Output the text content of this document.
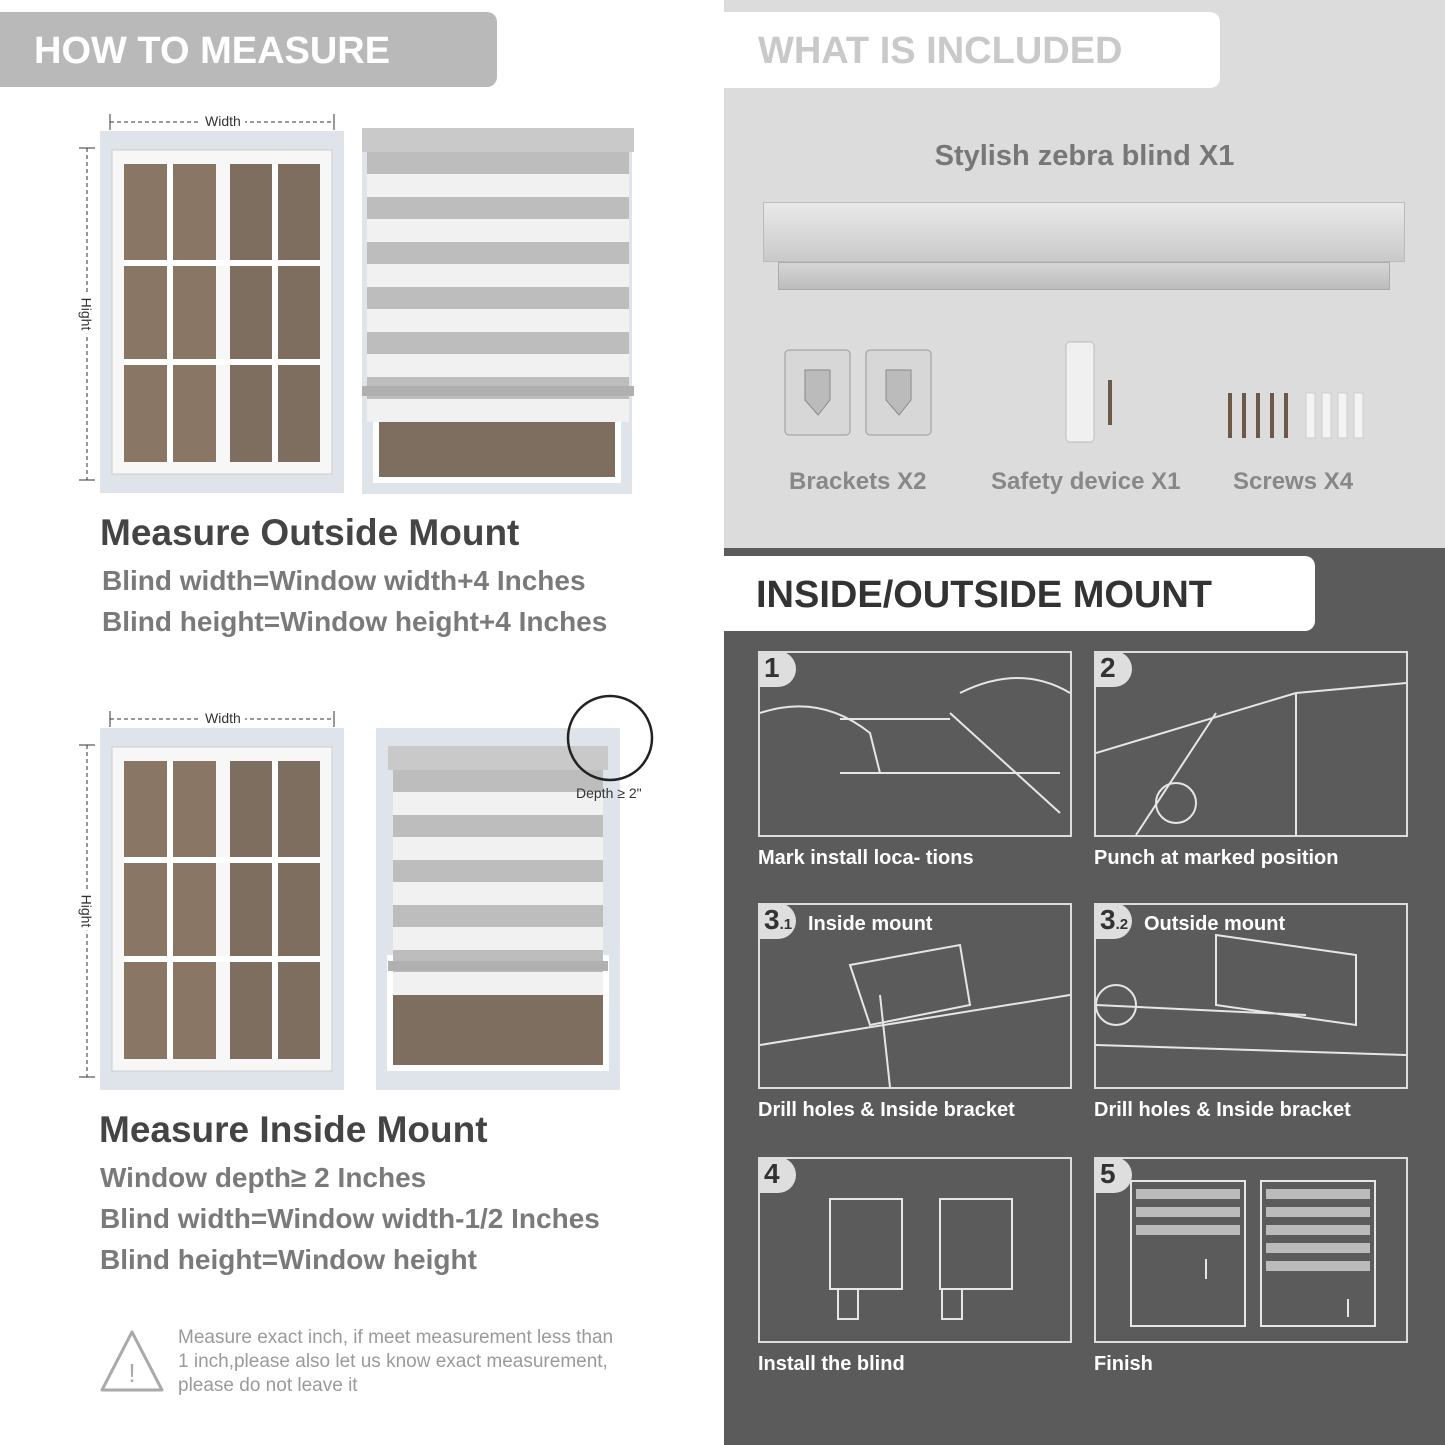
HOW TO MEASURE
Width
Hight
Measure Outside Mount
Blind width=Window width+4 Inches
Blind height=Window height+4 Inches
Width
Hight
Depth ≥ 2"
Measure Inside Mount
Window depth≥ 2 Inches
Blind width=Window width-1/2 Inches
Blind height=Window height
!
Measure exact inch, if meet measurement less than 1 inch,please also let us know exact measurement, please do not leave it
WHAT IS INCLUDED
Stylish zebra blind X1
Brackets X2	Safety device X1 Screws X4
INSIDE/OUTSIDE MOUNT
1
Mark install loca- tions
2
Punch at marked position
3.1 Inside mount
Drill holes & Inside bracket
3.2 Outside mount
Drill holes & Inside bracket
4
Install the blind
5
Finish
